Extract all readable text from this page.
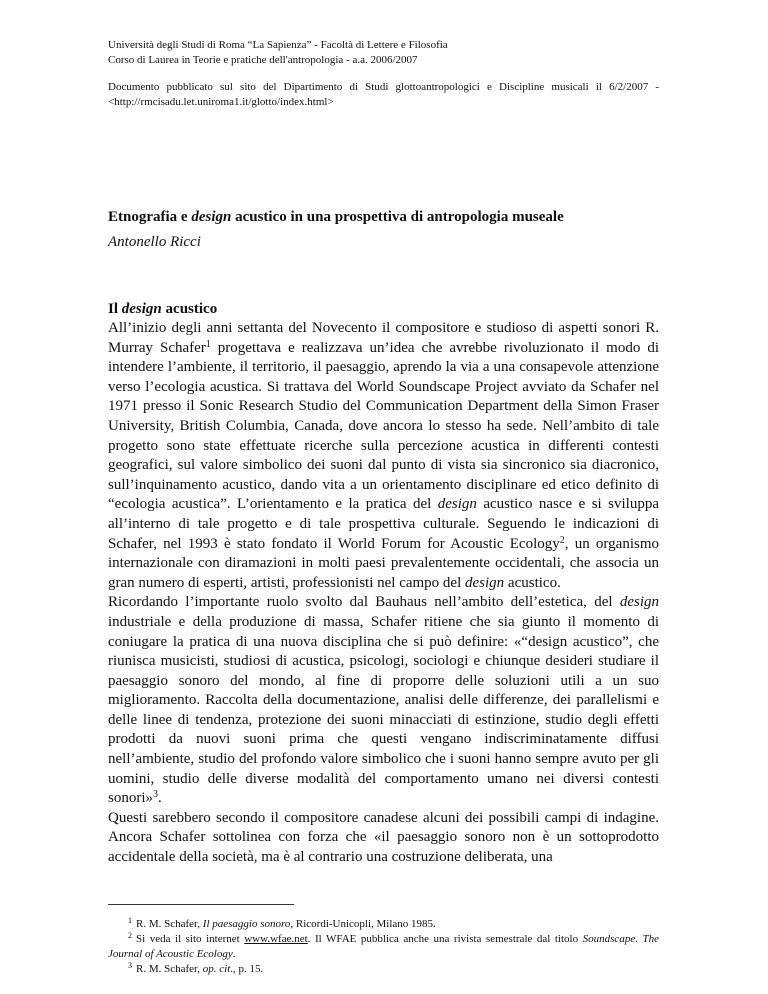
Università degli Studi di Roma “La Sapienza” - Facoltà di Lettere e Filosofia

Corso di Laurea in Teorie e pratiche dell'antropologia - a.a. 2006/2007

Documento pubblicato sul sito del Dipartimento di Studi glottoantropologici e Discipline musicali il 6/2/2007 - <http://rmcisadu.let.uniroma1.it/glotto/index.html>

Etnografia e design acustico in una prospettiva di antropologia museale

Antonello Ricci

Il design acustico

All’inizio degli anni settanta del Novecento il compositore e studioso di aspetti sonori R. Murray Schafer$^1$ progettava e realizzava un’idea che avrebbe rivoluzionato il modo di intendere l’ambiente, il territorio, il paesaggio, aprendo la via a una consapevole attenzione verso l’ecologia acustica. Si trattava del World Soundscape Project avviato da Schafer nel 1971 presso il Sonic Research Studio del Communication Department della Simon Fraser University, British Columbia, Canada, dove ancora lo stesso ha sede. Nell’ambito di tale progetto sono state effettuate ricerche sulla percezione acustica in differenti contesti geografici, sul valore simbolico dei suoni dal punto di vista sia sincronico sia diacronico, sull’inquinamento acustico, dando vita a un orientamento disciplinare ed etico definito di “ecologia acustica”. L’orientamento e la pratica del design acustico nasce e si sviluppa all’interno di tale progetto e di tale prospettiva culturale. Seguendo le indicazioni di Schafer, nel 1993 è stato fondato il World Forum for Acoustic Ecology$^2$, un organismo internazionale con diramazioni in molti paesi prevalentemente occidentali, che associa un gran numero di esperti, artisti, professionisti nel campo del design acustico.

Ricordando l’importante ruolo svolto dal Bauhaus nell’ambito dell’estetica, del design industriale e della produzione di massa, Schafer ritiene che sia giunto il momento di coniugare la pratica di una nuova disciplina che si può definire: «“design acustico”, che riunisca musicisti, studiosi di acustica, psicologi, sociologi e chiunque desideri studiare il paesaggio sonoro del mondo, al fine di proporre delle soluzioni utili a un suo miglioramento. Raccolta della documentazione, analisi delle differenze, dei parallelismi e delle linee di tendenza, protezione dei suoni minacciati di estinzione, studio degli effetti prodotti da nuovi suoni prima che questi vengano indiscriminatamente diffusi nell’ambiente, studio del profondo valore simbolico che i suoni hanno sempre avuto per gli uomini, studio delle diverse modalità del comportamento umano nei diversi contesti sonori»$^3$.

Questi sarebbero secondo il compositore canadese alcuni dei possibili campi di indagine. Ancora Schafer sottolinea con forza che «il paesaggio sonoro non è un sottoprodotto accidentale della società, ma è al contrario una costruzione deliberata, una

$^1$ R. M. Schafer, Il paesaggio sonoro, Ricordi-Unicopli, Milano 1985.

$^2$ Si veda il sito internet www.wfae.net. Il WFAE pubblica anche una rivista semestrale dal titolo Soundscape. The Journal of Acoustic Ecology.

$^3$ R. M. Schafer, op. cit., p. 15.
